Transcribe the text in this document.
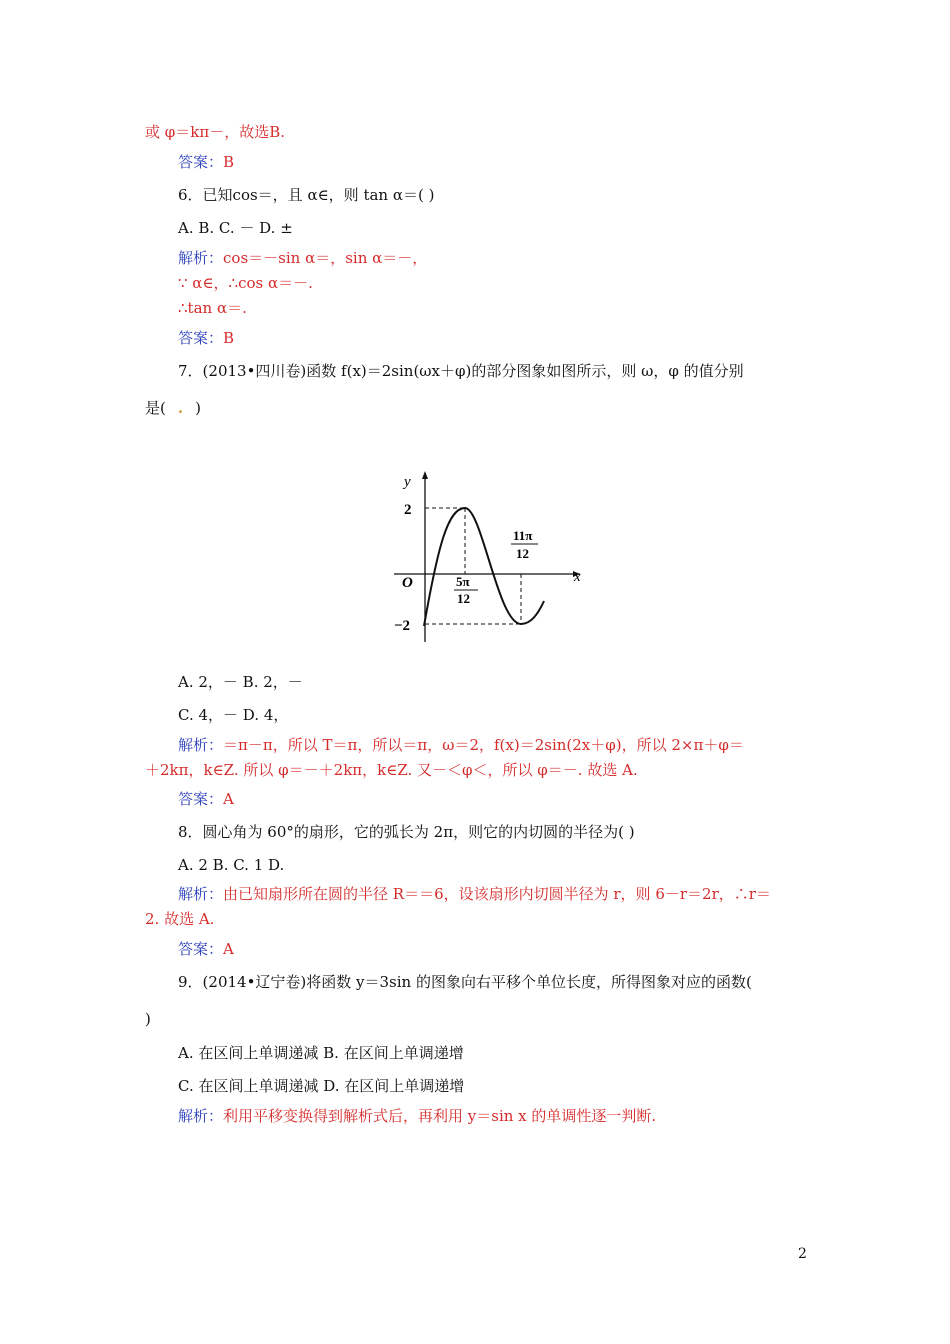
或 φ＝kπ－，故选B.
答案：B
6．已知cos＝，且 α∈，则 tan α＝( )
A. B. C. － D. ±
解析：cos＝－sin α＝，sin α＝－，
∵ α∈，∴cos α＝－.
∴tan α＝.
答案：B
7．(2013•四川卷)函数 f(x)＝2sin(ωx＋φ)的部分图象如图所示，则 ω，φ 的值分别
是( . )
y
x
O
2
−2
5π
12
11π
12
A. 2，－ B. 2，－
C. 4，－ D. 4，
解析：＝π－π，所以 T＝π，所以＝π，ω＝2，f(x)＝2sin(2x＋φ)，所以 2×π＋φ＝
＋2kπ，k∈Z. 所以 φ＝－＋2kπ，k∈Z. 又－＜φ＜，所以 φ＝－. 故选 A.
答案：A
8．圆心角为 60°的扇形，它的弧长为 2π，则它的内切圆的半径为( )
A. 2 B. C. 1 D.
解析：由已知扇形所在圆的半径 R＝＝6，设该扇形内切圆半径为 r，则 6－r＝2r，∴r＝
2. 故选 A.
答案：A
9．(2014•辽宁卷)将函数 y＝3sin 的图象向右平移个单位长度，所得图象对应的函数(
)
A. 在区间上单调递减 B. 在区间上单调递增
C. 在区间上单调递减 D. 在区间上单调递增
解析：利用平移变换得到解析式后，再利用 y＝sin x 的单调性逐一判断.
2
